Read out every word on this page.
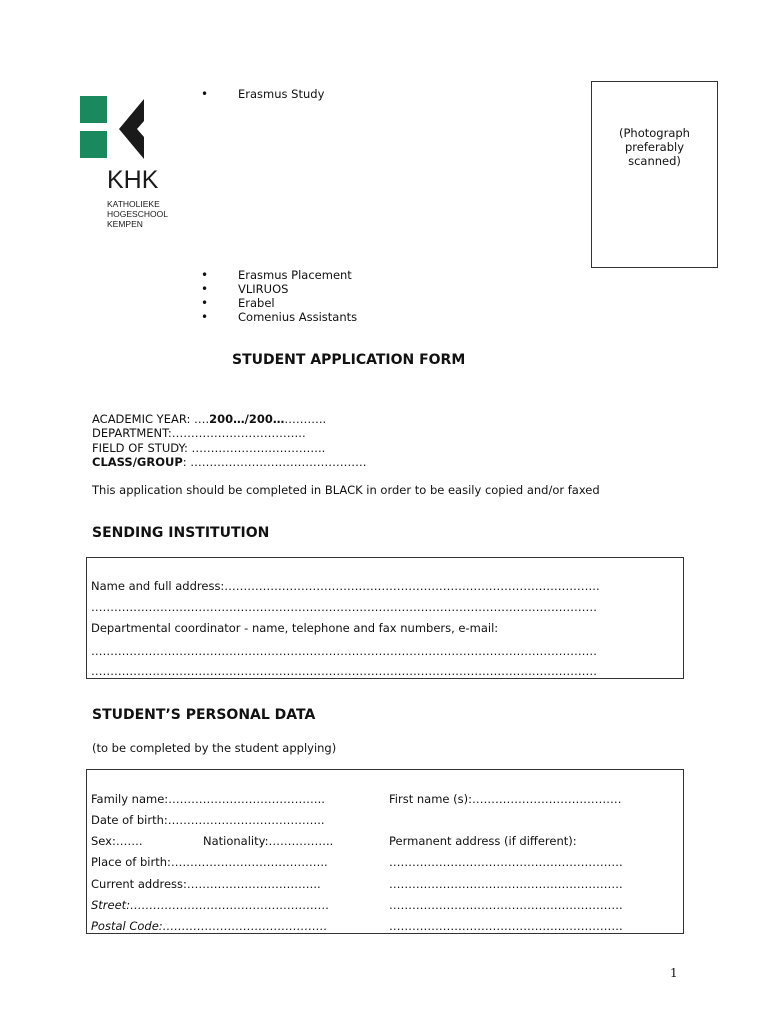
KHK
KATHOLIEKE
HOGESCHOOL
KEMPEN
• Erasmus Study
• Erasmus Placement
• VLIRUOS
• Erabel
• Comenius Assistants
(Photograph
preferably
scanned)
STUDENT APPLICATION FORM
ACADEMIC YEAR: ….200…/200…………..
DEPARTMENT:……………………………..
FIELD OF STUDY: ……………………………..
CLASS/GROUP: ……………………………………….
This application should be completed in BLACK in order to be easily copied and/or faxed
SENDING INSTITUTION
Name and full address:……………………………………………………………………………………..
……………………………………………………………………………………………………………………
Departmental coordinator - name, telephone and fax numbers, e-mail:
……………………………………………………………………………………………………………………
……………………………………………………………………………………………………………………
STUDENT’S PERSONAL DATA
(to be completed by the student applying)
Family name:…………………………………..	First name (s):…………………………………
Date of birth:…………………………………..
Sex:…….	Nationality:……………..	Permanent address (if different):
Place of birth:…………………………………..	…………………………………………………….
Current address:……………………………..	…………………………………………………….
Street:…………………………………………….	…………………………………………………….
Postal Code:…………………………………….	…………………………………………………….
1
